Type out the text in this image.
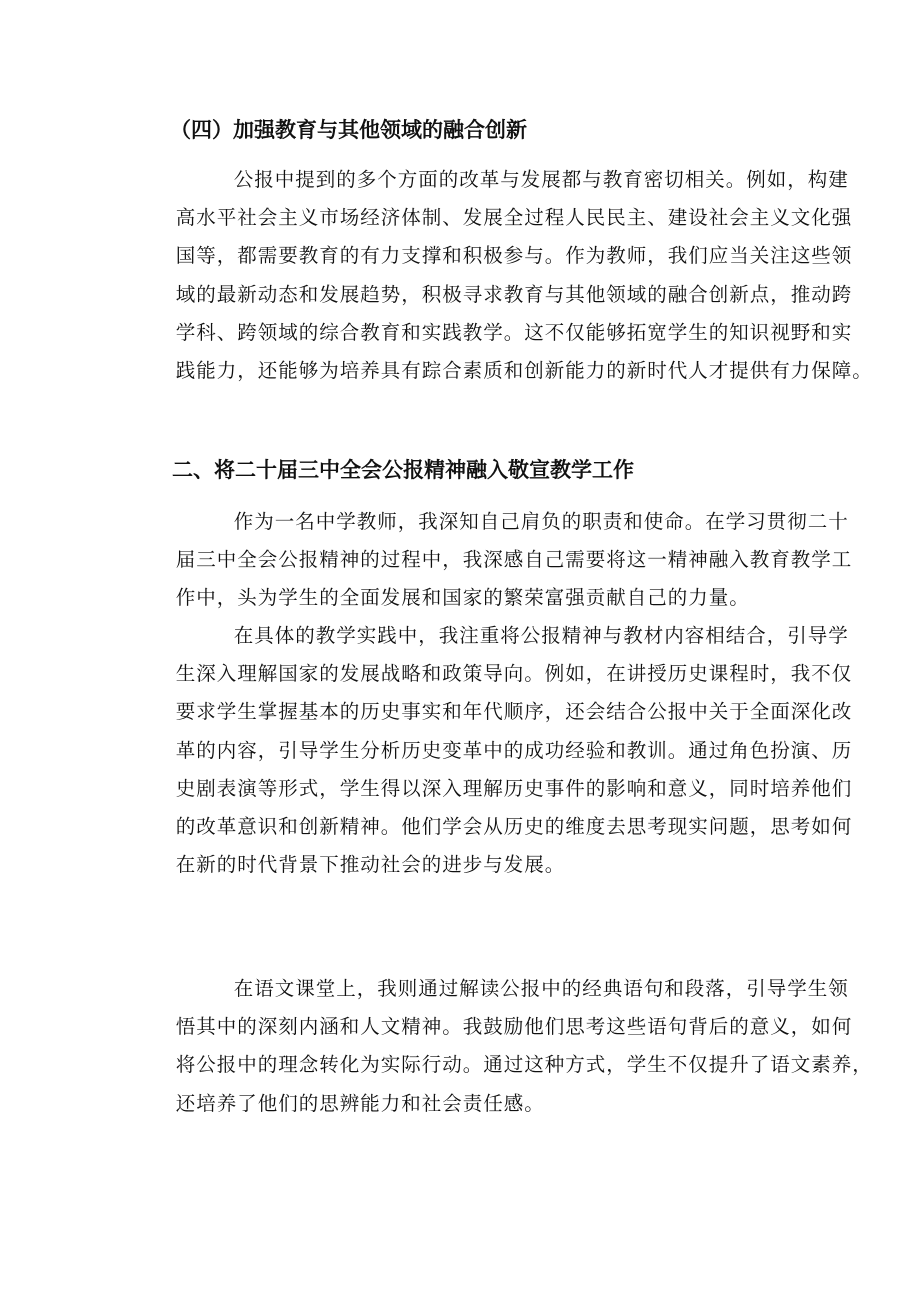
（四）加强教育与其他领域的融合创新
公报中提到的多个方面的改革与发展都与教育密切相关。例如，构建
高水平社会主义市场经济体制、发展全过程人民民主、建设社会主义文化强
国等，都需要教育的有力支撑和积极参与。作为教师，我们应当关注这些领
域的最新动态和发展趋势，积极寻求教育与其他领域的融合创新点，推动跨
学科、跨领域的综合教育和实践教学。这不仅能够拓宽学生的知识视野和实
践能力，还能够为培养具有踪合素质和创新能力的新时代人才提供有力保障。
二、将二十届三中全会公报精神融入敬宣教学工作
作为一名中学教师，我深知自己肩负的职责和使命。在学习贯彻二十
届三中全会公报精神的过程中，我深感自己需要将这一精神融入教育教学工
作中，头为学生的全面发展和国家的繁荣富强贡献自己的力量。
在具体的教学实践中，我注重将公报精神与教材内容相结合，引导学
生深入理解国家的发展战略和政策导向。例如，在讲授历史课程时，我不仅
要求学生掌握基本的历史事实和年代顺序，还会结合公报中关于全面深化改
革的内容，引导学生分析历史变革中的成功经验和教训。通过角色扮演、历
史剧表演等形式，学生得以深入理解历史事件的影响和意义，同时培养他们
的改革意识和创新精神。他们学会从历史的维度去思考现实问题，思考如何
在新的时代背景下推动社会的进步与发展。
在语文课堂上，我则通过解读公报中的经典语句和段落，引导学生领
悟其中的深刻内涵和人文精神。我鼓励他们思考这些语句背后的意义，如何
将公报中的理念转化为实际行动。通过这种方式，学生不仅提升了语文素养，
还培养了他们的思辨能力和社会责任感。
